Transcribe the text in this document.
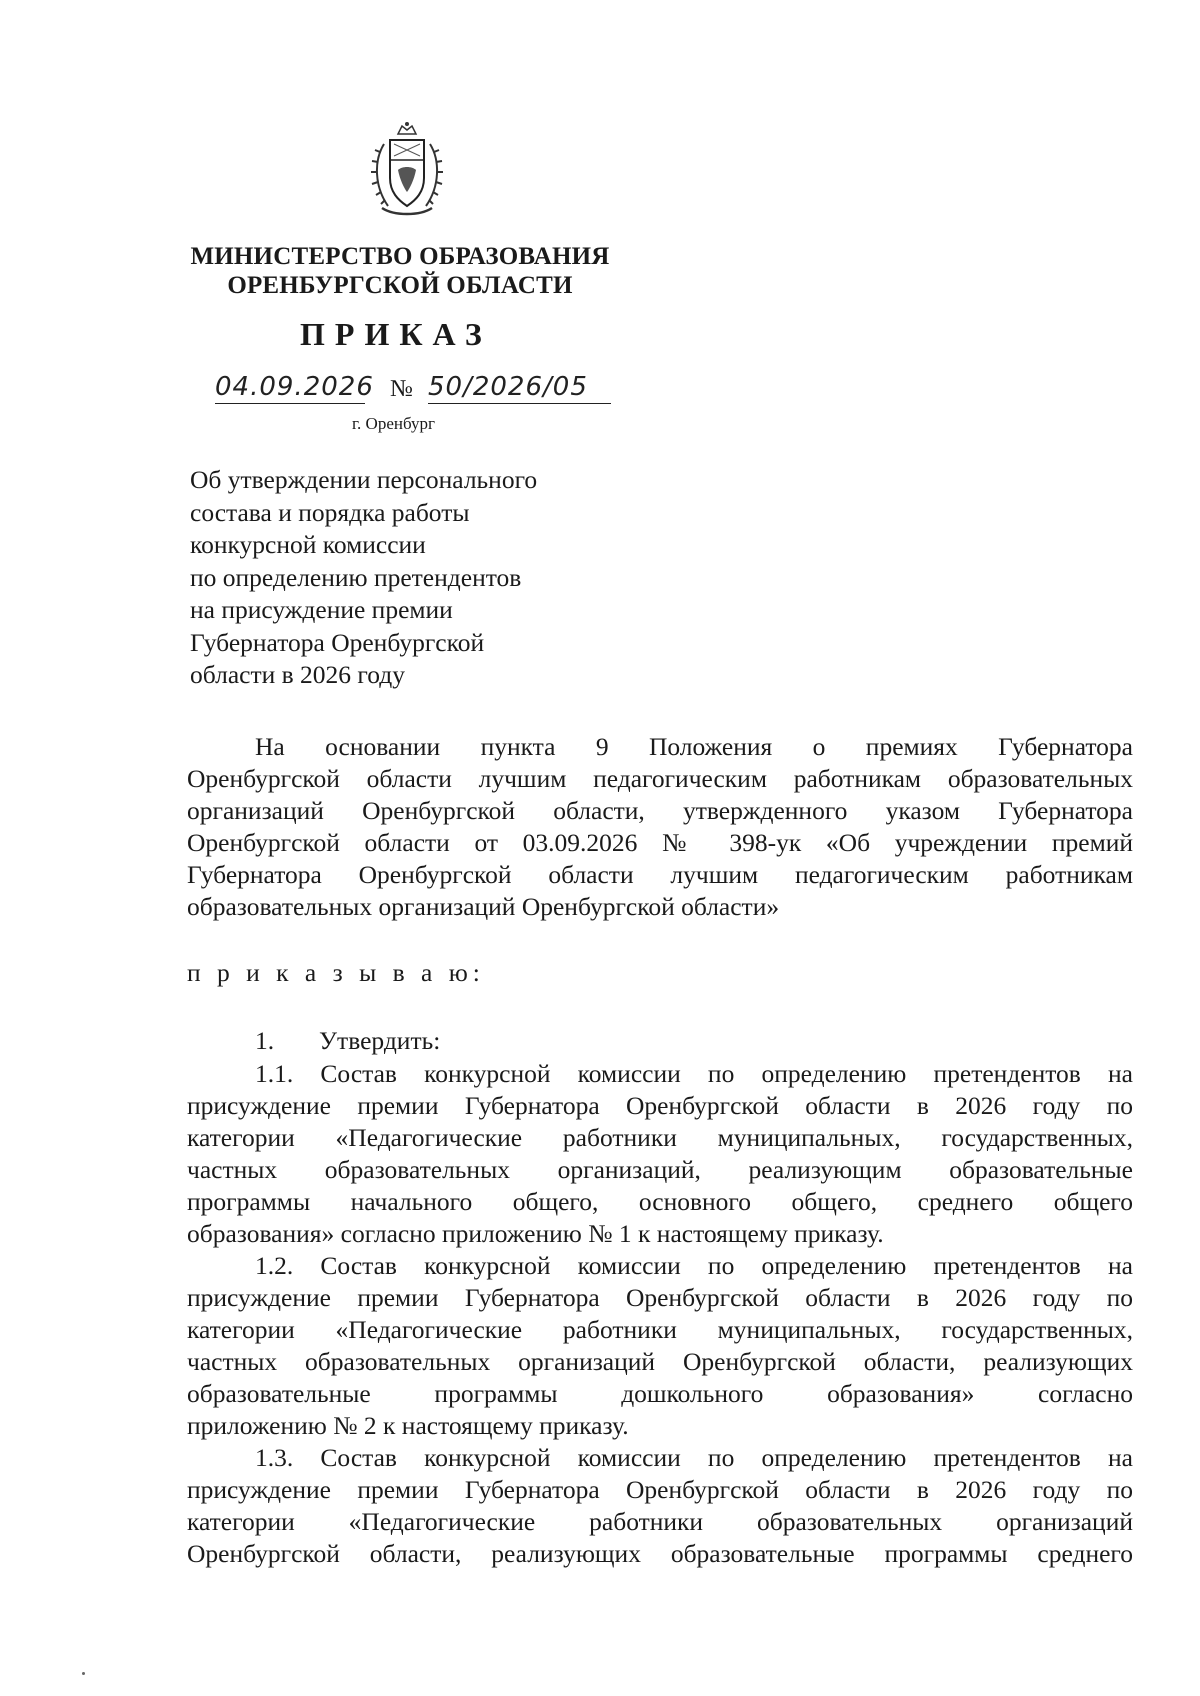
МИНИСТЕРСТВО ОБРАЗОВАНИЯ
ОРЕНБУРГСКОЙ ОБЛАСТИ
ПРИКАЗ
04.09.2026 № 50/2026/05
г. Оренбург
Об утверждении персонального
состава и порядка работы
конкурсной комиссии
по определению претендентов
на присуждение премии
Губернатора Оренбургской
области в 2026 году
На основании пункта 9 Положения о премиях Губернатора
Оренбургской области лучшим педагогическим работникам образовательных
организаций Оренбургской области, утвержденного указом Губернатора
Оренбургской области от 03.09.2026 № 398-ук «Об учреждении премий
Губернатора Оренбургской области лучшим педагогическим работникам
образовательных организаций Оренбургской области»
п р и к а з ы в а ю:
1. Утвердить:
1.1. Состав конкурсной комиссии по определению претендентов на
присуждение премии Губернатора Оренбургской области в 2026 году по
категории «Педагогические работники муниципальных, государственных,
частных образовательных организаций, реализующим образовательные
программы начального общего, основного общего, среднего общего
образования» согласно приложению № 1 к настоящему приказу.
1.2. Состав конкурсной комиссии по определению претендентов на
присуждение премии Губернатора Оренбургской области в 2026 году по
категории «Педагогические работники муниципальных, государственных,
частных образовательных организаций Оренбургской области, реализующих
образовательные программы дошкольного образования» согласно
приложению № 2 к настоящему приказу.
1.3. Состав конкурсной комиссии по определению претендентов на
присуждение премии Губернатора Оренбургской области в 2026 году по
категории «Педагогические работники образовательных организаций
Оренбургской области, реализующих образовательные программы среднего
